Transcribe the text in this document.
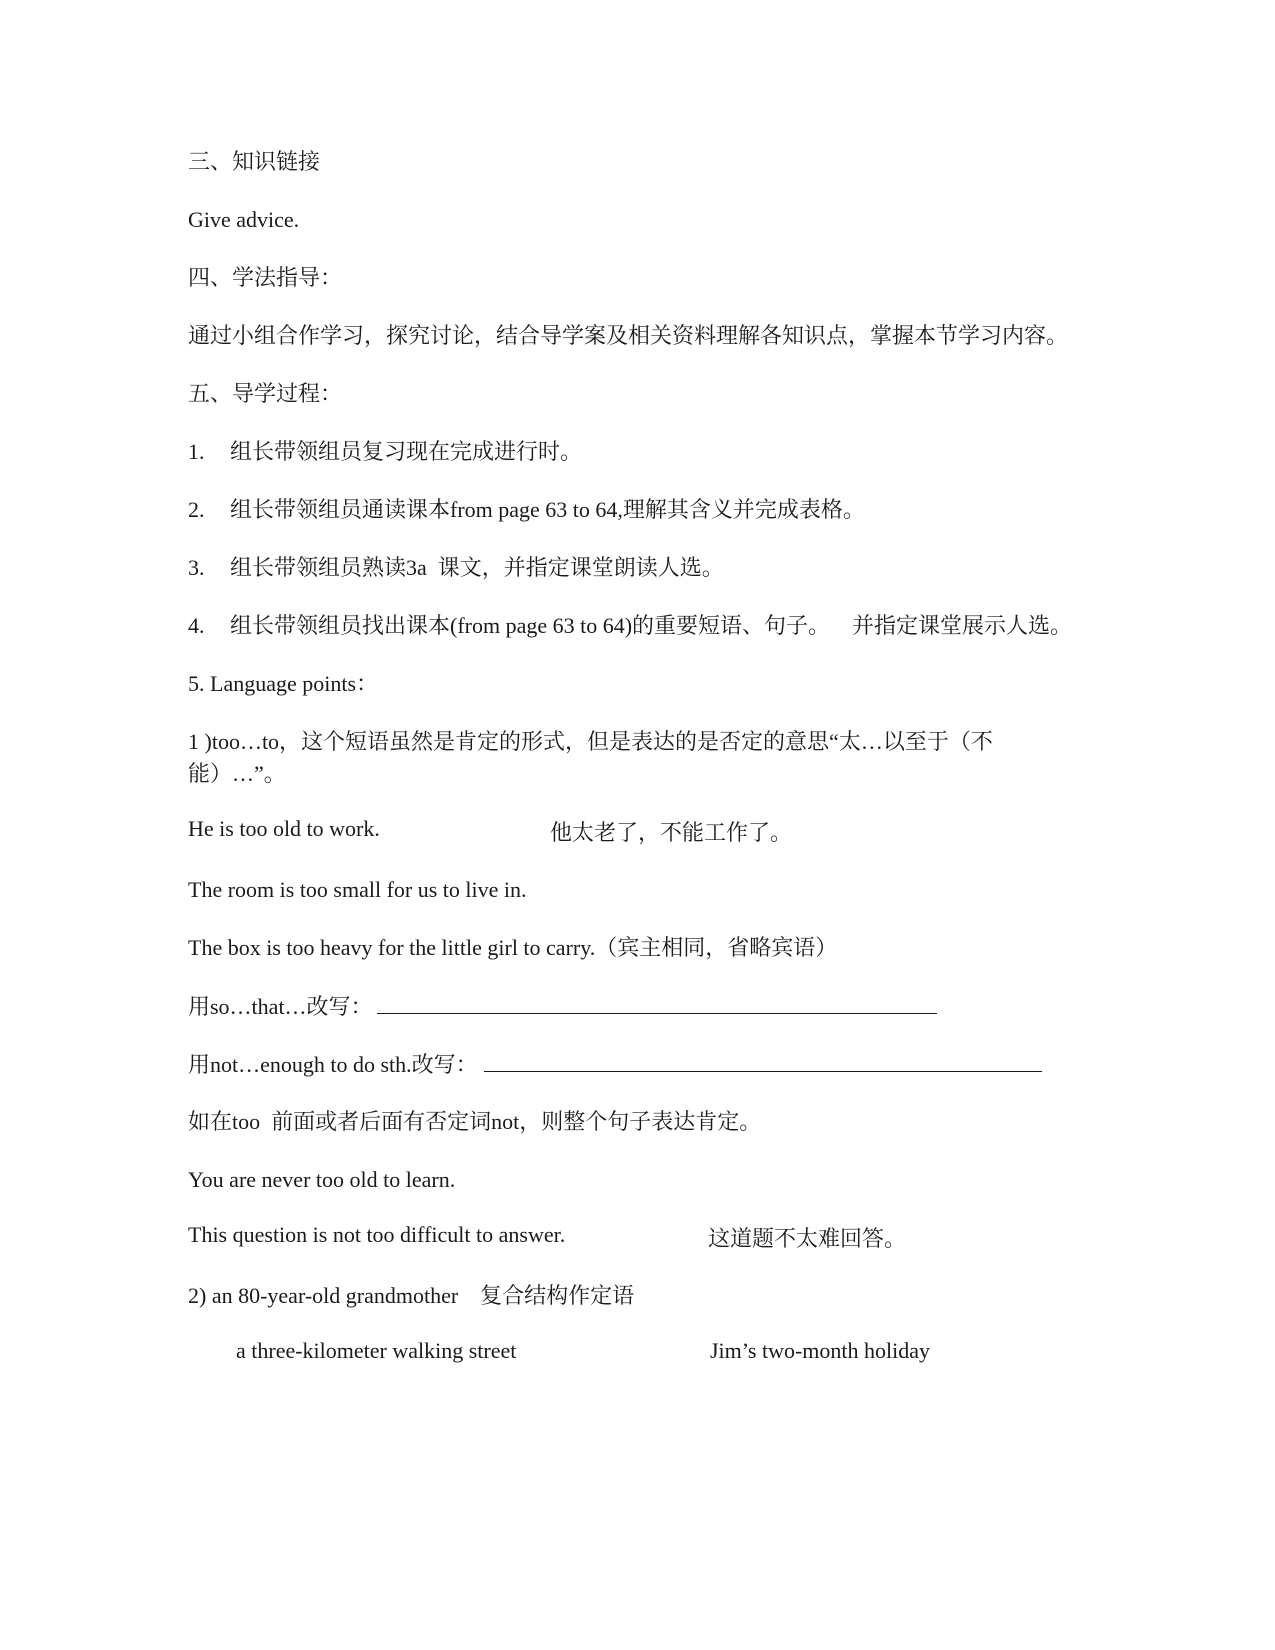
三、知识链接

Give advice.

四、学法指导：

通过小组合作学习，探究讨论，结合导学案及相关资料理解各知识点，掌握本节学习内容。

五、导学过程：

1. 组长带领组员复习现在完成进行时。

2. 组长带领组员通读课本from page 63 to 64,理解其含义并完成表格。

3. 组长带领组员熟读3a  课文，并指定课堂朗读人选。

4. 组长带领组员找出课本(from page 63 to 64)的重要短语、句子。    并指定课堂展示人选。

5. Language points：

1 )too…to，这个短语虽然是肯定的形式，但是表达的是否定的意思“太…以至于（不能）…”。

He is too old to work.	他太老了，不能工作了。

The room is too small for us to live in.

The box is too heavy for the little girl to carry.（宾主相同，省略宾语）

用so…that…改写：
用not…enough to do sth.改写：

如在too  前面或者后面有否定词not，则整个句子表达肯定。

You are never too old to learn.

This question is not too difficult to answer.	这道题不太难回答。

2) an 80-year-old grandmother    复合结构作定语

a three-kilometer walking street	Jim’s two-month holiday
